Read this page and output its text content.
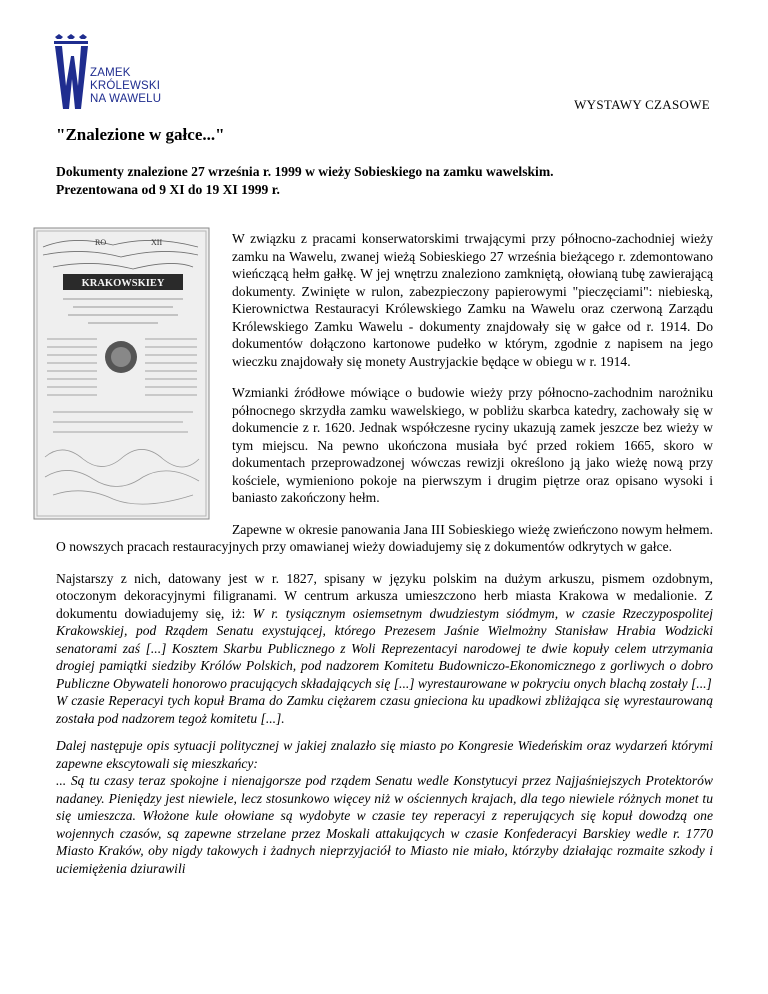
ZAMEK
KRÓLEWSKI
NA WAWELU	WYSTAWY CZASOWE
"Znalezione w gałce..."
Dokumenty znalezione 27 września r. 1999 w wieży Sobieskiego na zamku wawelskim.
Prezentowana od 9 XI do 19 XI 1999 r.
RO	XII
KRAKOWSKIEY

W związku z pracami konserwatorskimi trwającymi przy północno-zachodniej wieży zamku na Wawelu, zwanej wieżą Sobieskiego 27 września bieżącego r. zdemontowano wieńczącą hełm gałkę. W jej wnętrzu znaleziono zamkniętą, ołowianą tubę zawierającą dokumenty. Zwinięte w rulon, zabezpieczony papierowymi "pieczęciami": niebieską, Kierownictwa Restauracyi Królewskiego Zamku na Wawelu oraz czerwoną Zarządu Królewskiego Zamku Wawelu - dokumenty znajdowały się w gałce od r. 1914. Do dokumentów dołączono kartonowe pudełko w którym, zgodnie z napisem na jego wieczku znajdowały się monety Austryjackie będące w obiegu w r. 1914.

Wzmianki źródłowe mówiące o budowie wieży przy północno-zachodnim narożniku północnego skrzydła zamku wawelskiego, w pobliżu skarbca katedry, zachowały się w dokumencie z r. 1620. Jednak współczesne ryciny ukazują zamek jeszcze bez wieży w tym miejscu. Na pewno ukończona musiała być przed rokiem 1665, skoro w dokumentach przeprowadzonej wówczas rewizji określono ją jako wieżę nową przy kościele, wymieniono pokoje na pierwszym i drugim piętrze oraz opisano wysoki i baniasto zakończony hełm.

Zapewne w okresie panowania Jana III Sobieskiego wieżę zwieńczono nowym hełmem. O nowszych pracach restauracyjnych przy omawianej wieży dowiadujemy się z dokumentów odkrytych w gałce.

Najstarszy z nich, datowany jest w r. 1827, spisany w języku polskim na dużym arkuszu, pismem ozdobnym, otoczonym dekoracyjnymi filigranami. W centrum arkusza umieszczono herb miasta Krakowa w medalionie. Z dokumentu dowiadujemy się, iż: W r. tysiącznym osiemsetnym dwudziestym siódmym, w czasie Rzeczypospolitej Krakowskiej, pod Rządem Senatu exystującej, którego Prezesem Jaśnie Wielmożny Stanisław Hrabia Wodzicki senatorami zaś [...] Kosztem Skarbu Publicznego z Woli Reprezentacyi narodowej te dwie kopuły celem utrzymania drogiej pamiątki siedziby Królów Polskich, pod nadzorem Komitetu Budowniczo-Ekonomicznego z gorliwych o dobro Publiczne Obywateli honorowo pracujących składających się [...] wyrestaurowane w pokryciu onych blachą zostały [...]
W czasie Reperacyi tych kopuł Brama do Zamku ciężarem czasu gnieciona ku upadkowi zbliżająca się wyrestaurowaną została pod nadzorem tegoż komitetu [...].

Dalej następuje opis sytuacji politycznej w jakiej znalazło się miasto po Kongresie Wiedeńskim oraz wydarzeń którymi zapewne ekscytowali się mieszkańcy:

... Są tu czasy teraz spokojne i nienajgorsze pod rządem Senatu wedle Konstytucyi przez Najjaśniejszych Protektorów nadaney. Pieniędzy jest niewiele, lecz stosunkowo więcey niż w ościennych krajach, dla tego niewiele różnych monet tu się umieszcza. Włożone kule ołowiane są wydobyte w czasie tey reperacyi z reperujących się kopuł dowodzą one wojennych czasów, są zapewne strzelane przez Moskali attakujących w czasie Konfederacyi Barskiey wedle r. 1770 Miasto Kraków, oby nigdy takowych i żadnych nieprzyjaciół to Miasto nie miało, którzyby działając rozmaite szkody i uciemiężenia dziurawili
